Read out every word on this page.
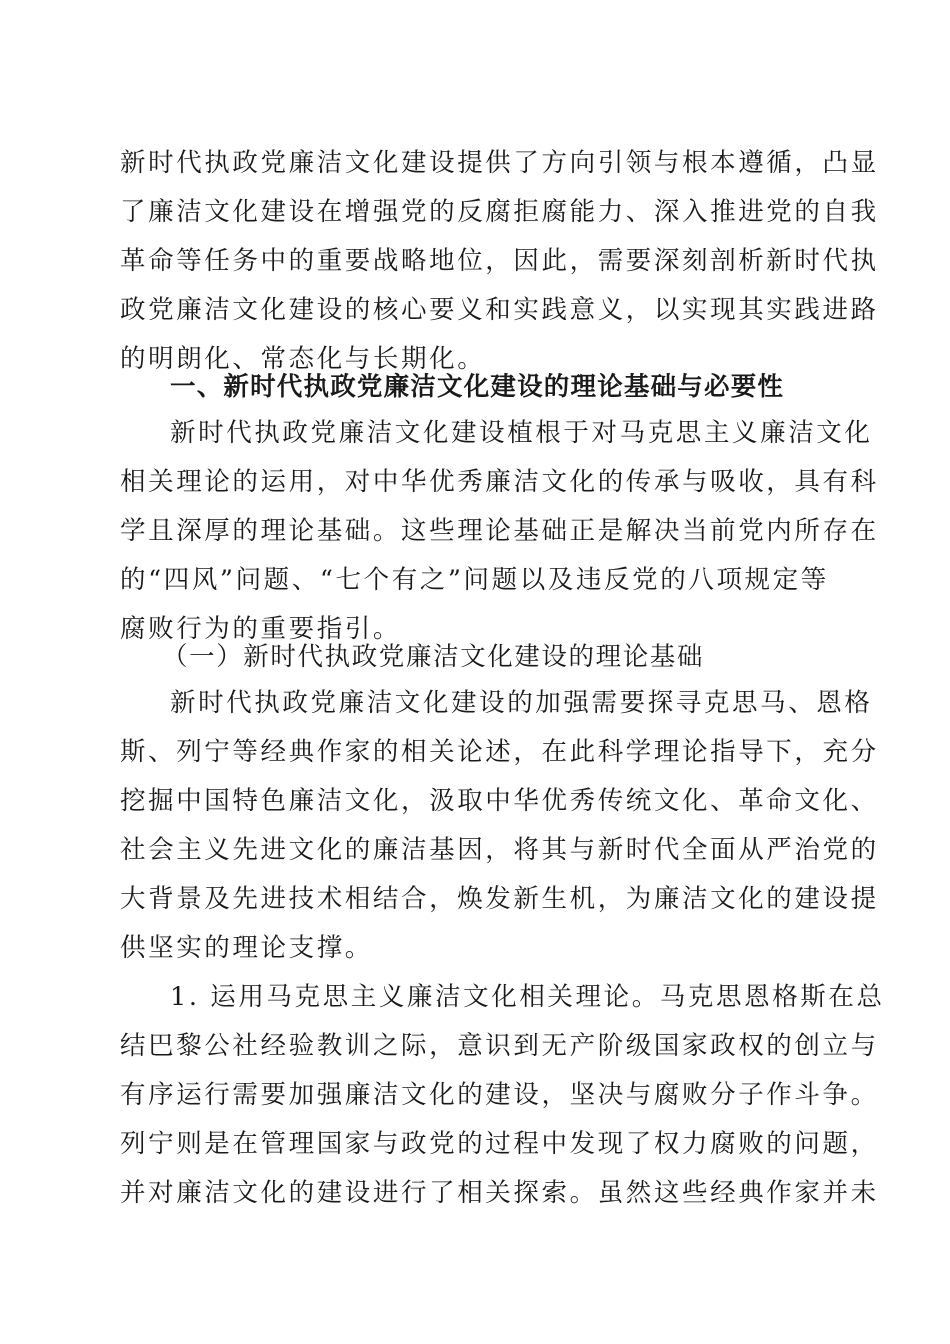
新时代执政党廉洁文化建设提供了方向引领与根本遵循，凸显
了廉洁文化建设在增强党的反腐拒腐能力、深入推进党的自我
革命等任务中的重要战略地位，因此，需要深刻剖析新时代执
政党廉洁文化建设的核心要义和实践意义，以实现其实践进路
的明朗化、常态化与长期化。
一、新时代执政党廉洁文化建设的理论基础与必要性
新时代执政党廉洁文化建设植根于对马克思主义廉洁文化
相关理论的运用，对中华优秀廉洁文化的传承与吸收，具有科
学且深厚的理论基础。这些理论基础正是解决当前党内所存在
的“四风”问题、“七个有之”问题以及违反党的八项规定等
腐败行为的重要指引。
（一）新时代执政党廉洁文化建设的理论基础
新时代执政党廉洁文化建设的加强需要探寻克思马、恩格
斯、列宁等经典作家的相关论述，在此科学理论指导下，充分
挖掘中国特色廉洁文化，汲取中华优秀传统文化、革命文化、
社会主义先进文化的廉洁基因，将其与新时代全面从严治党的
大背景及先进技术相结合，焕发新生机，为廉洁文化的建设提
供坚实的理论支撑。
1. 运用马克思主义廉洁文化相关理论。马克思恩格斯在总
结巴黎公社经验教训之际，意识到无产阶级国家政权的创立与
有序运行需要加强廉洁文化的建设，坚决与腐败分子作斗争。
列宁则是在管理国家与政党的过程中发现了权力腐败的问题，
并对廉洁文化的建设进行了相关探索。虽然这些经典作家并未
